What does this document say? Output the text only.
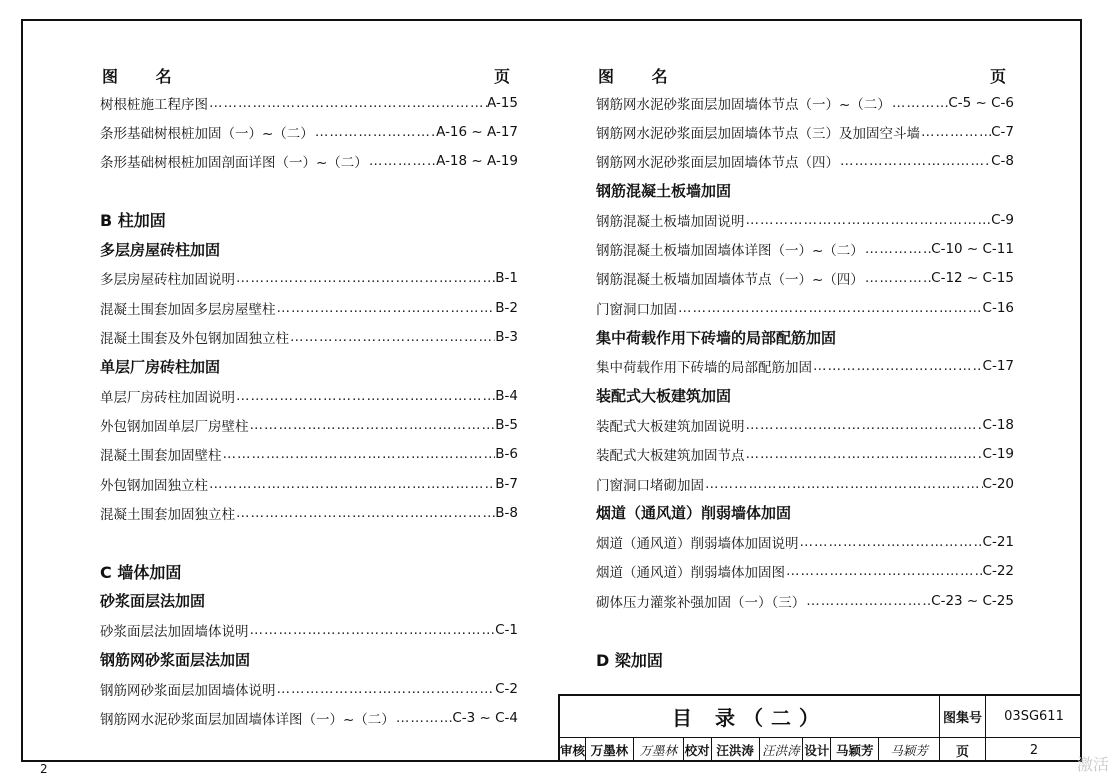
图 名	页
树根桩施工程序图 …………………………………………………………………………………………………………	A-15
条形基础树根桩加固（一）~（二） …………………………………………………………………………………………………………	A-16 ~ A-17
条形基础树根桩加固剖面详图（一）~（二） …………………………………………………………………………………………………………	A-18 ~ A-19
B 柱加固
多层房屋砖柱加固
多层房屋砖柱加固说明 …………………………………………………………………………………………………………	B-1
混凝土围套加固多层房屋壁柱 …………………………………………………………………………………………………………	B-2
混凝土围套及外包钢加固独立柱 …………………………………………………………………………………………………………	B-3
单层厂房砖柱加固
单层厂房砖柱加固说明 …………………………………………………………………………………………………………	B-4
外包钢加固单层厂房壁柱 …………………………………………………………………………………………………………	B-5
混凝土围套加固壁柱 …………………………………………………………………………………………………………	B-6
外包钢加固独立柱 …………………………………………………………………………………………………………	B-7
混凝土围套加固独立柱 …………………………………………………………………………………………………………	B-8
C 墙体加固
砂浆面层法加固
砂浆面层法加固墙体说明 …………………………………………………………………………………………………………	C-1
钢筋网砂浆面层法加固
钢筋网砂浆面层加固墙体说明 …………………………………………………………………………………………………………	C-2
钢筋网水泥砂浆面层加固墙体详图（一）~（二） …………………………………………………………………………………………………………	C-3 ~ C-4
图 名	页
钢筋网水泥砂浆面层加固墙体节点（一）~（二） …………………………………………………………………………………………………………	C-5 ~ C-6
钢筋网水泥砂浆面层加固墙体节点（三）及加固空斗墙 …………………………………………………………………………………………………………	C-7
钢筋网水泥砂浆面层加固墙体节点（四） …………………………………………………………………………………………………………	C-8
钢筋混凝土板墙加固
钢筋混凝土板墙加固说明 …………………………………………………………………………………………………………	C-9
钢筋混凝土板墙加固墙体详图（一）~（二） …………………………………………………………………………………………………………	C-10 ~ C-11
钢筋混凝土板墙加固墙体节点（一）~（四） …………………………………………………………………………………………………………	C-12 ~ C-15
门窗洞口加固 …………………………………………………………………………………………………………	C-16
集中荷载作用下砖墙的局部配筋加固
集中荷载作用下砖墙的局部配筋加固 …………………………………………………………………………………………………………	C-17
装配式大板建筑加固
装配式大板建筑加固说明 …………………………………………………………………………………………………………	C-18
装配式大板建筑加固节点 …………………………………………………………………………………………………………	C-19
门窗洞口堵砌加固 …………………………………………………………………………………………………………	C-20
烟道（通风道）削弱墙体加固
烟道（通风道）削弱墙体加固说明 …………………………………………………………………………………………………………	C-21
烟道（通风道）削弱墙体加固图 …………………………………………………………………………………………………………	C-22
砌体压力灌浆补强加固（一）（三） …………………………………………………………………………………………………………	C-23 ~ C-25
D 梁加固
目 录（二）	图集号	03SG611
审核 万墨林 万墨林 校对 汪洪涛 汪洪涛 设计 马颖芳	马颖芳	页	2
2	激活
